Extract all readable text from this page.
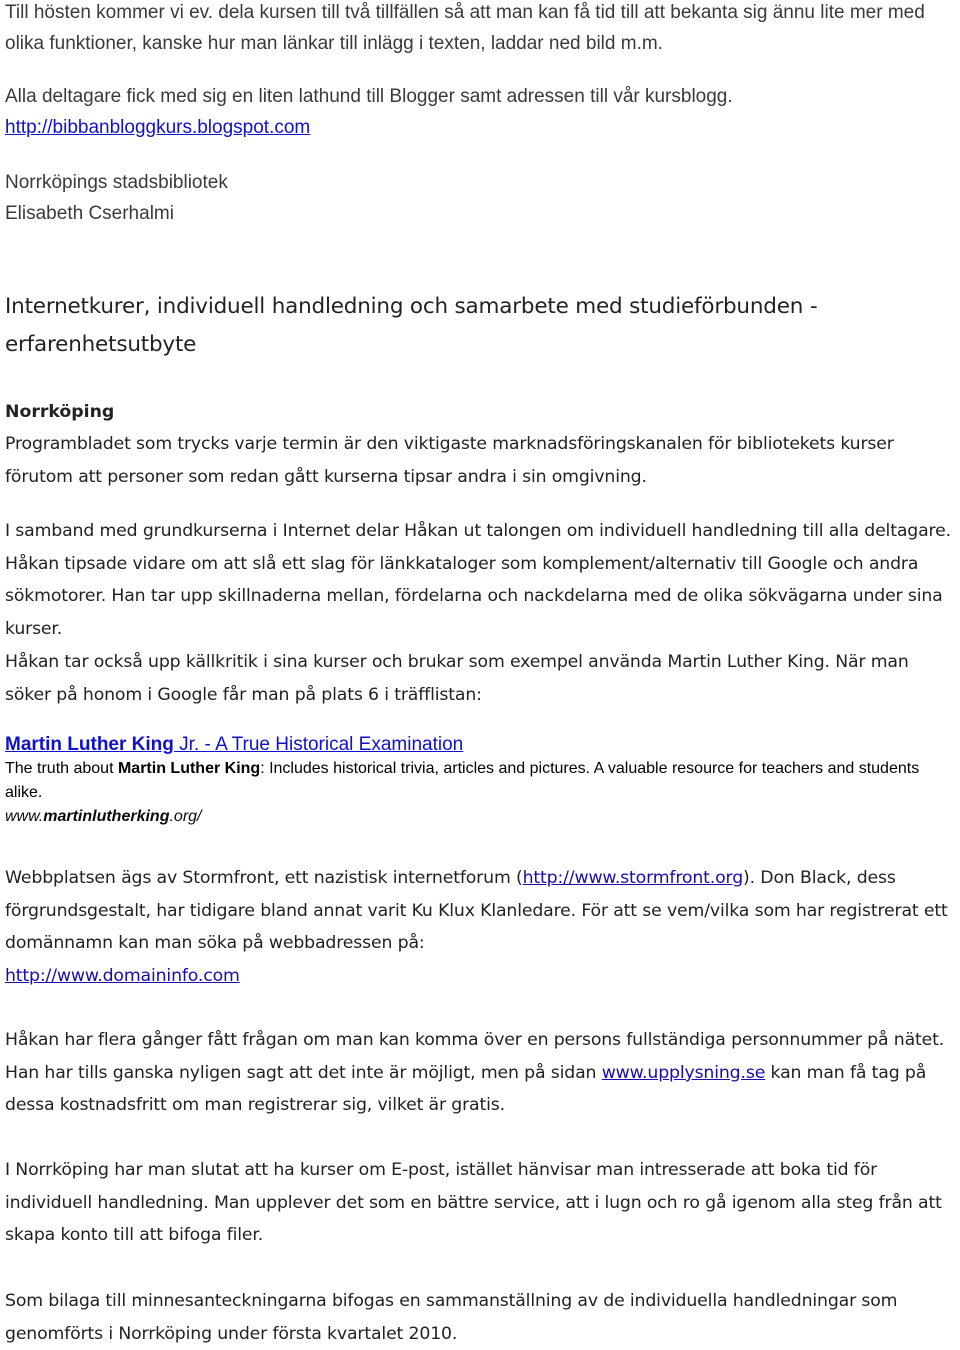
Till hösten kommer vi ev. dela kursen till två tillfällen så att man kan få tid till att bekanta sig ännu lite mer med olika funktioner, kanske hur man länkar till inlägg i texten, laddar ned bild m.m.

Alla deltagare fick med sig en liten lathund till Blogger samt adressen till vår kursblogg.
http://bibbanbloggkurs.blogspot.com

Norrköpings stadsbibliotek
Elisabeth Cserhalmi

Internetkurer, individuell handledning och samarbete med studieförbunden - erfarenhetsutbyte
Norrköping

Programbladet som trycks varje termin är den viktigaste marknadsföringskanalen för bibliotekets kurser förutom att personer som redan gått kurserna tipsar andra i sin omgivning.

I samband med grundkurserna i Internet delar Håkan ut talongen om individuell handledning till alla deltagare. Håkan tipsade vidare om att slå ett slag för länkkataloger som komplement/alternativ till Google och andra sökmotorer. Han tar upp skillnaderna mellan, fördelarna och nackdelarna med de olika sökvägarna under sina kurser.

Håkan tar också upp källkritik i sina kurser och brukar som exempel använda Martin Luther King. När man söker på honom i Google får man på plats 6 i träfflistan:

Martin Luther King Jr. - A True Historical Examination
The truth about Martin Luther King: Includes historical trivia, articles and pictures. A valuable resource for teachers and students alike.
www.martinlutherking.org/

Webbplatsen ägs av Stormfront, ett nazistisk internetforum (http://www.stormfront.org). Don Black, dess förgrundsgestalt, har tidigare bland annat varit Ku Klux Klanledare. För att se vem/vilka som har registrerat ett domännamn kan man söka på webbadressen på:
http://www.domaininfo.com

Håkan har flera gånger fått frågan om man kan komma över en persons fullständiga personnummer på nätet. Han har tills ganska nyligen sagt att det inte är möjligt, men på sidan www.upplysning.se kan man få tag på dessa kostnadsfritt om man registrerar sig, vilket är gratis.

I Norrköping har man slutat att ha kurser om E-post, istället hänvisar man intresserade att boka tid för individuell handledning. Man upplever det som en bättre service, att i lugn och ro gå igenom alla steg från att skapa konto till att bifoga filer.

Som bilaga till minnesanteckningarna bifogas en sammanställning av de individuella handledningar som genomförts i Norrköping under första kvartalet 2010.
